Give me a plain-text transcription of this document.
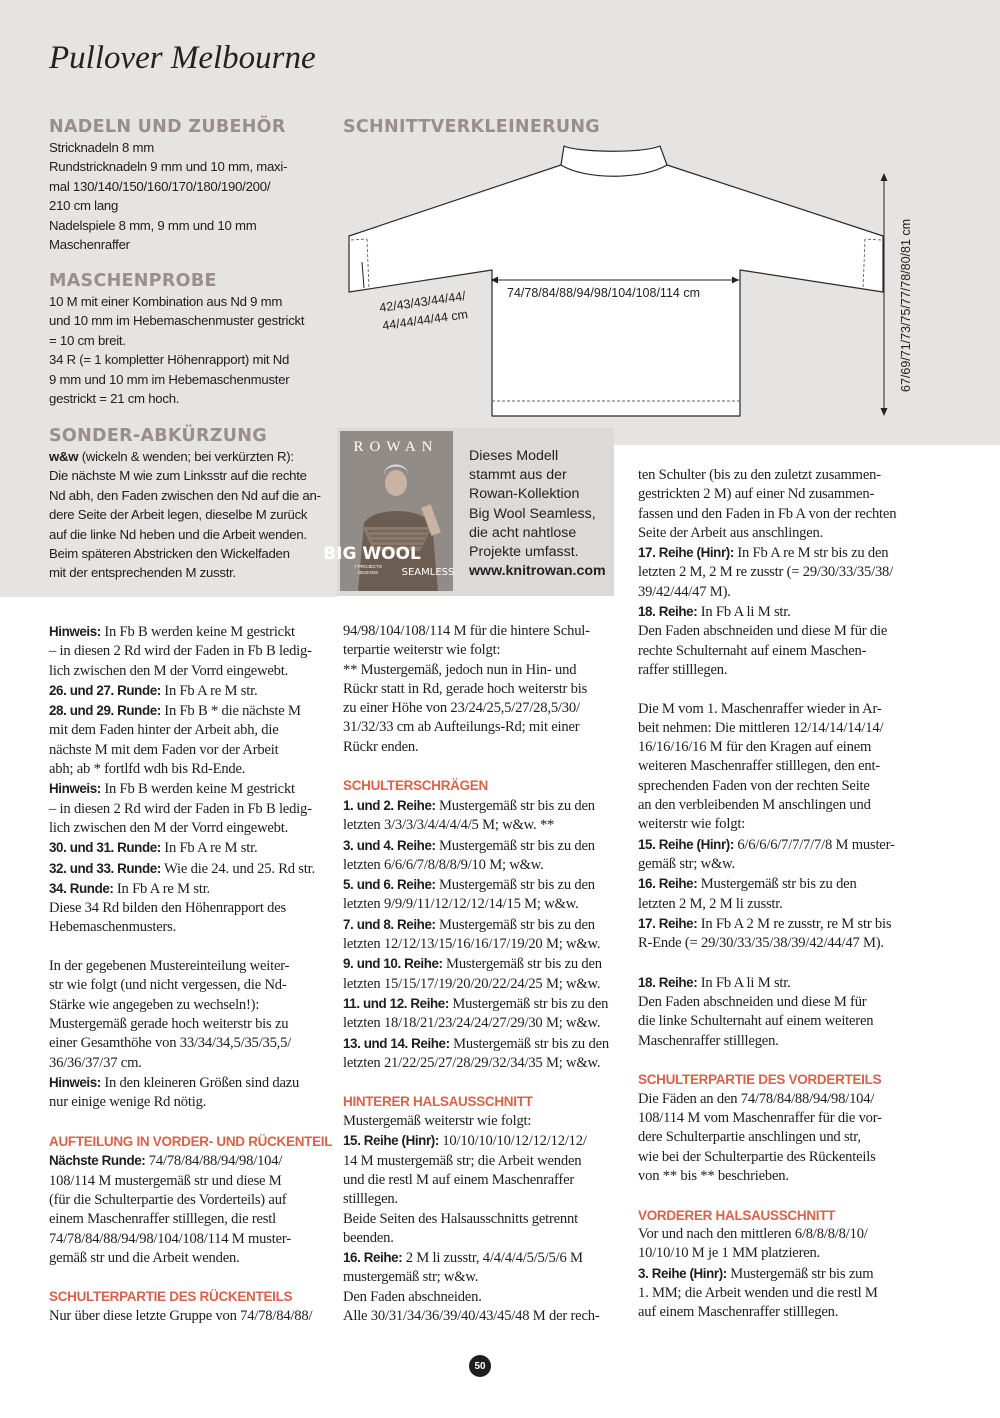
Pullover Melbourne
NADELN UND ZUBEHÖR
Stricknadeln 8 mm
Rundstricknadeln 9 mm und 10 mm, maxi-
mal 130/140/150/160/170/180/190/200/
210 cm lang
Nadelspiele 8 mm, 9 mm und 10 mm
Maschenraffer
MASCHENPROBE
10 M mit einer Kombination aus Nd 9 mm
und 10 mm im Hebemaschenmuster gestrickt
= 10 cm breit.
34 R (= 1 kompletter Höhenrapport) mit Nd
9 mm und 10 mm im Hebemaschenmuster
gestrickt = 21 cm hoch.
SONDER-ABKÜRZUNG
w&w (wickeln & wenden; bei verkürzten R):
Die nächste M wie zum Linksstr auf die rechte
Nd abh, den Faden zwischen den Nd auf die an-
dere Seite der Arbeit legen, dieselbe M zurück
auf die linke Nd heben und die Arbeit wenden.
Beim späteren Abstricken den Wickelfaden
mit der entsprechenden M zusstr.
SCHNITTVERKLEINERUNG
42/43/43/44/44/
44/44/44/44 cm
74/78/84/88/94/98/104/108/114 cm	67/69/71/73/75/77/78/80/81 cm
ROWAN
BIG WOOL
SEAMLESS
7 PROJECTS
DESIGNS
Dieses Modell
stammt aus der
Rowan-Kollektion
Big Wool Seamless,
die acht nahtlose
Projekte umfasst.
www.knitrowan.com
Hinweis: In Fb B werden keine M gestrickt
– in diesen 2 Rd wird der Faden in Fb B ledig-
lich zwischen den M der Vorrd eingewebt.
26. und 27. Runde: In Fb A re M str.
28. und 29. Runde: In Fb B * die nächste M
mit dem Faden hinter der Arbeit abh, die
nächste M mit dem Faden vor der Arbeit
abh; ab * fortlfd wdh bis Rd-Ende.
Hinweis: In Fb B werden keine M gestrickt
– in diesen 2 Rd wird der Faden in Fb B ledig-
lich zwischen den M der Vorrd eingewebt.
30. und 31. Runde: In Fb A re M str.
32. und 33. Runde: Wie die 24. und 25. Rd str.
34. Runde: In Fb A re M str.
Diese 34 Rd bilden den Höhenrapport des
Hebemaschenmusters.
In der gegebenen Mustereinteilung weiter-
str wie folgt (und nicht vergessen, die Nd-
Stärke wie angegeben zu wechseln!):
Mustergemäß gerade hoch weiterstr bis zu
einer Gesamthöhe von 33/34/34,5/35/35,5/
36/36/37/37 cm.
Hinweis: In den kleineren Größen sind dazu
nur einige wenige Rd nötig.
AUFTEILUNG IN VORDER- UND RÜCKENTEIL
Nächste Runde: 74/78/84/88/94/98/104/
108/114 M mustergemäß str und diese M
(für die Schulterpartie des Vorderteils) auf
einem Maschenraffer stilllegen, die restl
74/78/84/88/94/98/104/108/114 M muster-
gemäß str und die Arbeit wenden.
SCHULTERPARTIE DES RÜCKENTEILS
Nur über diese letzte Gruppe von 74/78/84/88/
94/98/104/108/114 M für die hintere Schul-
terpartie weiterstr wie folgt:
** Mustergemäß, jedoch nun in Hin- und
Rückr statt in Rd, gerade hoch weiterstr bis
zu einer Höhe von 23/24/25,5/27/28,5/30/
31/32/33 cm ab Aufteilungs-Rd; mit einer
Rückr enden.
SCHULTERSCHRÄGEN
1. und 2. Reihe: Mustergemäß str bis zu den
letzten 3/3/3/3/4/4/4/4/5 M; w&w. **
3. und 4. Reihe: Mustergemäß str bis zu den
letzten 6/6/6/7/8/8/8/9/10 M; w&w.
5. und 6. Reihe: Mustergemäß str bis zu den
letzten 9/9/9/11/12/12/12/14/15 M; w&w.
7. und 8. Reihe: Mustergemäß str bis zu den
letzten 12/12/13/15/16/16/17/19/20 M; w&w.
9. und 10. Reihe: Mustergemäß str bis zu den
letzten 15/15/17/19/20/20/22/24/25 M; w&w.
11. und 12. Reihe: Mustergemäß str bis zu den
letzten 18/18/21/23/24/24/27/29/30 M; w&w.
13. und 14. Reihe: Mustergemäß str bis zu den
letzten 21/22/25/27/28/29/32/34/35 M; w&w.
HINTERER HALSAUSSCHNITT
Mustergemäß weiterstr wie folgt:
15. Reihe (Hinr): 10/10/10/10/12/12/12/12/
14 M mustergemäß str; die Arbeit wenden
und die restl M auf einem Maschenraffer
stilllegen.
Beide Seiten des Halsausschnitts getrennt
beenden.
16. Reihe: 2 M li zusstr, 4/4/4/4/5/5/5/6 M
mustergemäß str; w&w.
Den Faden abschneiden.
Alle 30/31/34/36/39/40/43/45/48 M der rech-
ten Schulter (bis zu den zuletzt zusammen-
gestrickten 2 M) auf einer Nd zusammen-
fassen und den Faden in Fb A von der rechten
Seite der Arbeit aus anschlingen.
17. Reihe (Hinr): In Fb A re M str bis zu den
letzten 2 M, 2 M re zusstr (= 29/30/33/35/38/
39/42/44/47 M).
18. Reihe: In Fb A li M str.
Den Faden abschneiden und diese M für die
rechte Schulternaht auf einem Maschen-
raffer stilllegen.
Die M vom 1. Maschenraffer wieder in Ar-
beit nehmen: Die mittleren 12/14/14/14/14/
16/16/16/16 M für den Kragen auf einem
weiteren Maschenraffer stilllegen, den ent-
sprechenden Faden von der rechten Seite
an den verbleibenden M anschlingen und
weiterstr wie folgt:
15. Reihe (Hinr): 6/6/6/6/7/7/7/7/8 M muster-
gemäß str; w&w.
16. Reihe: Mustergemäß str bis zu den
letzten 2 M, 2 M li zusstr.
17. Reihe: In Fb A 2 M re zusstr, re M str bis
R-Ende (= 29/30/33/35/38/39/42/44/47 M).
18. Reihe: In Fb A li M str.
Den Faden abschneiden und diese M für
die linke Schulternaht auf einem weiteren
Maschenraffer stilllegen.
SCHULTERPARTIE DES VORDERTEILS
Die Fäden an den 74/78/84/88/94/98/104/
108/114 M vom Maschenraffer für die vor-
dere Schulterpartie anschlingen und str,
wie bei der Schulterpartie des Rückenteils
von ** bis ** beschrieben.
VORDERER HALSAUSSCHNITT
Vor und nach den mittleren 6/8/8/8/8/10/
10/10/10 M je 1 MM platzieren.
3. Reihe (Hinr): Mustergemäß str bis zum
1. MM; die Arbeit wenden und die restl M
auf einem Maschenraffer stilllegen.
50
